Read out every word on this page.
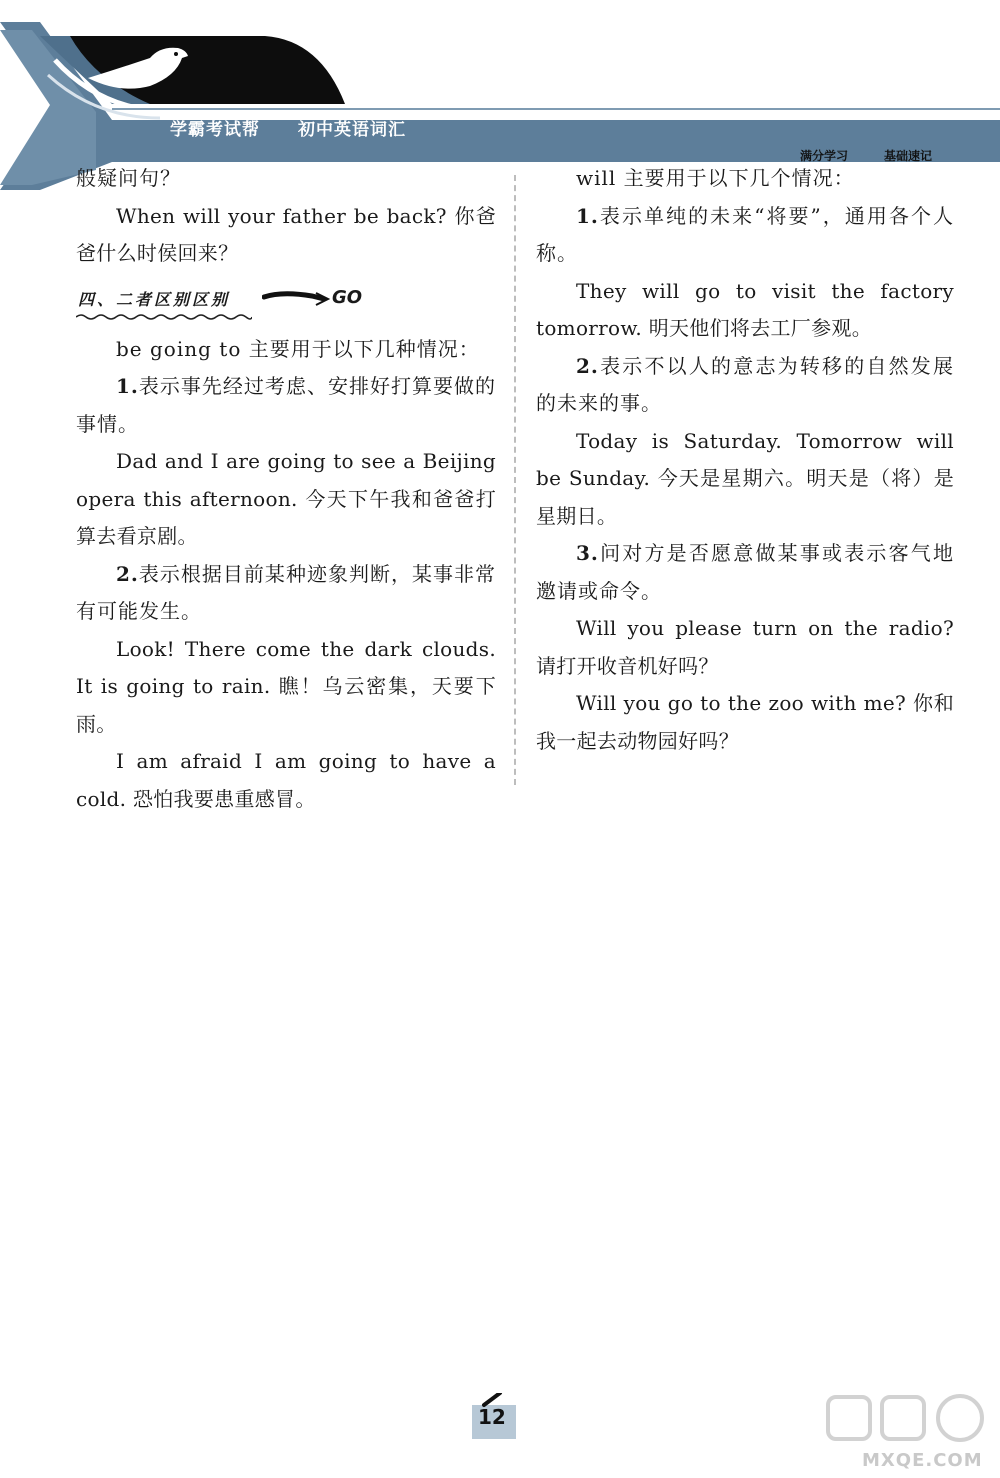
学霸考试帮 初中英语词汇
满分学习	基础速记

般疑问句？

When will your father be back? 你爸爸什么时侯回来？

四、二者区别区别	GO

be going to 主要用于以下几种情况：

1.表示事先经过考虑、安排好打算要做的事情。

Dad and I are going to see a Beijing opera this afternoon. 今天下午我和爸爸打算去看京剧。

2.表示根据目前某种迹象判断，某事非常有可能发生。

Look! There come the dark clouds. It is going to rain. 瞧！乌云密集，天要下雨。

I am afraid I am going to have a cold. 恐怕我要患重感冒。

will 主要用于以下几个情况：

1.表示单纯的未来“将要”，通用各个人称。

They will go to visit the factory tomorrow. 明天他们将去工厂参观。

2.表示不以人的意志为转移的自然发展的未来的事。

Today is Saturday. Tomorrow will be Sunday. 今天是星期六。明天是（将）是星期日。

3.问对方是否愿意做某事或表示客气地邀请或命令。

Will you please turn on the radio? 请打开收音机好吗？

Will you go to the zoo with me? 你和我一起去动物园好吗？

12
MXQE.COM
